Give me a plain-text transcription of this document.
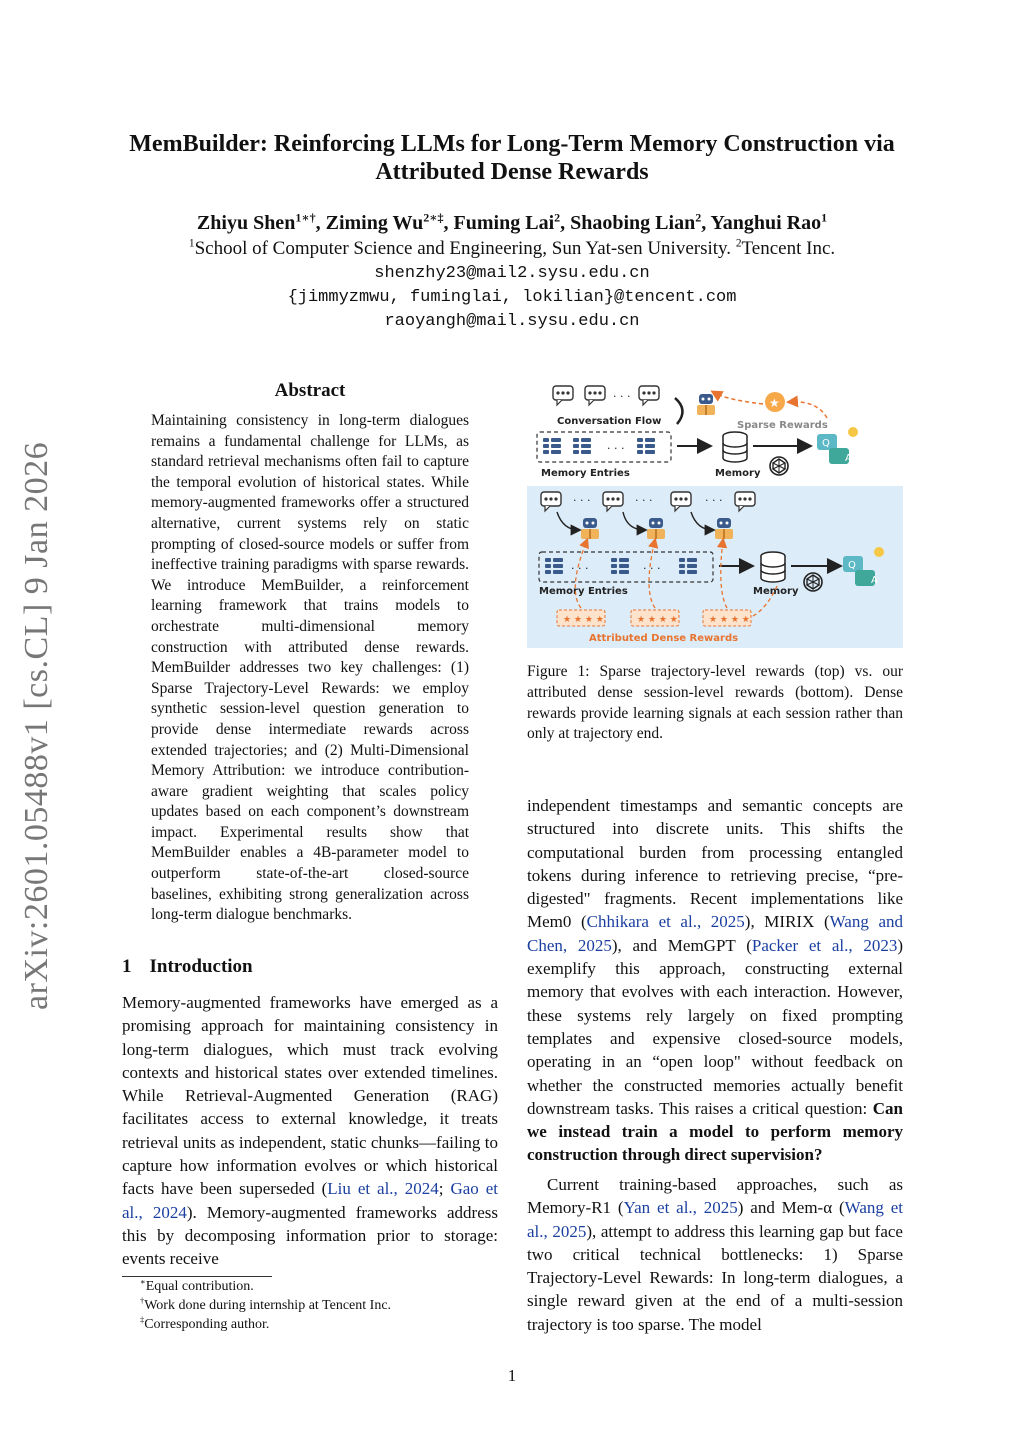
MemBuilder: Reinforcing LLMs for Long-Term Memory Construction via
Attributed Dense Rewards
Zhiyu Shen$^{1∗\dagger}$, Ziming $Wu^{2∗\ddagger}$, Fuming Lai$^2$, Shaobing Lian$^2$, Yanghui Rao$^1$
$^1$School of Computer Science and Engineering, Sun Yat-sen University. $^2$Tencent Inc.
shenzhy23@mail2.sysu.edu.cn
{jimmyzmwu, fuminglai, lokilian}@tencent.com
raoyangh@mail.sysu.edu.cn
arXiv:2601.05488v1 [cs.CL] 9 Jan 2026
Abstract
Maintaining consistency in long-term dialogues remains a fundamental challenge for LLMs, as standard retrieval mechanisms often fail to capture the temporal evolution of historical states. While memory-augmented frameworks offer a structured alternative, current systems rely on static prompting of closed-source models or suffer from ineffective training paradigms with sparse rewards. We introduce MemBuilder, a reinforcement learning framework that trains models to orchestrate multi-dimensional memory construction with attributed dense rewards. MemBuilder addresses two key challenges: (1) Sparse Trajectory-Level Rewards: we employ synthetic session-level question generation to provide dense intermediate rewards across extended trajectories; and (2) Multi-Dimensional Memory Attribution: we introduce contribution-aware gradient weighting that scales policy updates based on each component’s downstream impact. Experimental results show that MemBuilder enables a 4B-parameter model to outperform state-of-the-art closed-source baselines, exhibiting strong generalization across long-term dialogue benchmarks.
1 Introduction
Memory-augmented frameworks have emerged as a promising approach for maintaining consistency in long-term dialogues, which must track evolving contexts and historical states over extended timelines. While Retrieval-Augmented Generation (RAG) facilitates access to external knowledge, it treats retrieval units as independent, static chunks—failing to capture how information evolves or which historical facts have been superseded (Liu et al., 2024; Gao et al., 2024). Memory-augmented frameworks address this by decomposing information prior to storage: events receive
∗Equal contribution.
†Work done during internship at Tencent Inc.
‡Corresponding author.
· · ·
Conversation Flow
· · ·
Memory Entries	Memory
Q
A
★
Sparse Rewards
· · ·	· · ·	· · ·
· · ·	· · ·
Memory Entries	Memory
Q
A
★ ★ ★ ★	★ ★ ★ ★	★ ★ ★ ★
Attributed Dense Rewards
Figure 1: Sparse trajectory-level rewards (top) vs. our attributed dense session-level rewards (bottom). Dense rewards provide learning signals at each session rather than only at trajectory end.
independent timestamps and semantic concepts are structured into discrete units. This shifts the computational burden from processing entangled tokens during inference to retrieving precise, “pre-digested" fragments. Recent implementations like Mem0 (Chhikara et al., 2025), MIRIX (Wang and Chen, 2025), and MemGPT (Packer et al., 2023) exemplify this approach, constructing external memory that evolves with each interaction. However, these systems rely largely on fixed prompting templates and expensive closed-source models, operating in an “open loop" without feedback on whether the constructed memories actually benefit downstream tasks. This raises a critical question: Can we instead train a model to perform memory construction through direct supervision?
Current training-based approaches, such as Memory-R1 (Yan et al., 2025) and Mem-α (Wang et al., 2025), attempt to address this learning gap but face two critical technical bottlenecks: 1) Sparse Trajectory-Level Rewards: In long-term dialogues, a single reward given at the end of a multi-session trajectory is too sparse. The model
1
